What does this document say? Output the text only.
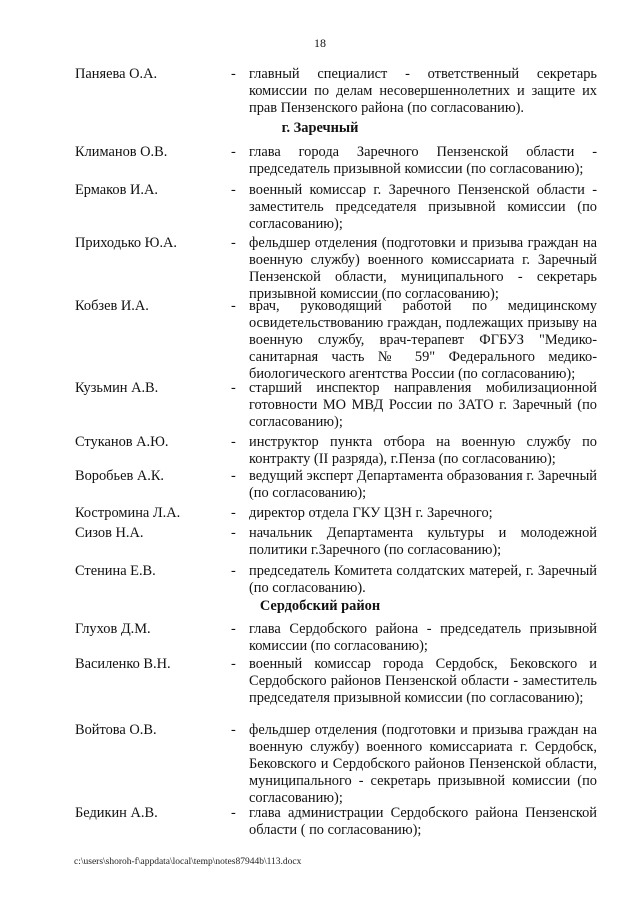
18
Паняева О.А.	- главный специалист - ответственный секретарь комиссии по делам несовершеннолетних и защите их прав Пензенского района (по согласованию).
г. Заречный
Климанов О.В.	- глава города Заречного Пензенской области - председатель призывной комиссии (по согласованию);
Ермаков И.А.	- военный комиссар г. Заречного Пензенской области - заместитель председателя призывной комиссии (по согласованию);
Приходько Ю.А.	- фельдшер отделения (подготовки и призыва граждан на военную службу) военного комиссариата г. Заречный Пензенской области, муниципального - секретарь призывной комиссии (по согласованию);
Кобзев И.А.	- врач, руководящий работой по медицинскому освидетельствованию граждан, подлежащих призыву на военную службу, врач-терапевт ФГБУЗ "Медико-санитарная часть № 59" Федерального медико-биологического агентства России (по согласованию);
Кузьмин А.В.	- старший инспектор направления мобилизационной готовности МО МВД России по ЗАТО г. Заречный (по согласованию);
Стуканов А.Ю.	- инструктор пункта отбора на военную службу по контракту (II разряда), г.Пенза (по согласованию);
Воробьев А.К.	- ведущий эксперт Департамента образования г. Заречный (по согласованию);
Костромина Л.А.	- директор отдела ГКУ ЦЗН г. Заречного;
Сизов Н.А.	- начальник Департамента культуры и молодежной политики г.Заречного (по согласованию);
Стенина Е.В.	- председатель Комитета солдатских матерей, г. Заречный (по согласованию).
Сердобский район
Глухов Д.М.	- глава Сердобского района - председатель призывной комиссии (по согласованию);
Василенко В.Н.	- военный комиссар города Сердобск, Бековского и Сердобского районов Пензенской области - заместитель председателя призывной комиссии (по согласованию);
Войтова О.В.	- фельдшер отделения (подготовки и призыва граждан на военную службу) военного комиссариата г. Сердобск, Бековского и Сердобского районов Пензенской области, муниципального - секретарь призывной комиссии (по согласованию);
Бедикин А.В.	- глава администрации Сердобского района Пензенской области ( по согласованию);
c:\users\shoroh-f\appdata\local\temp\notes87944b\113.docx
